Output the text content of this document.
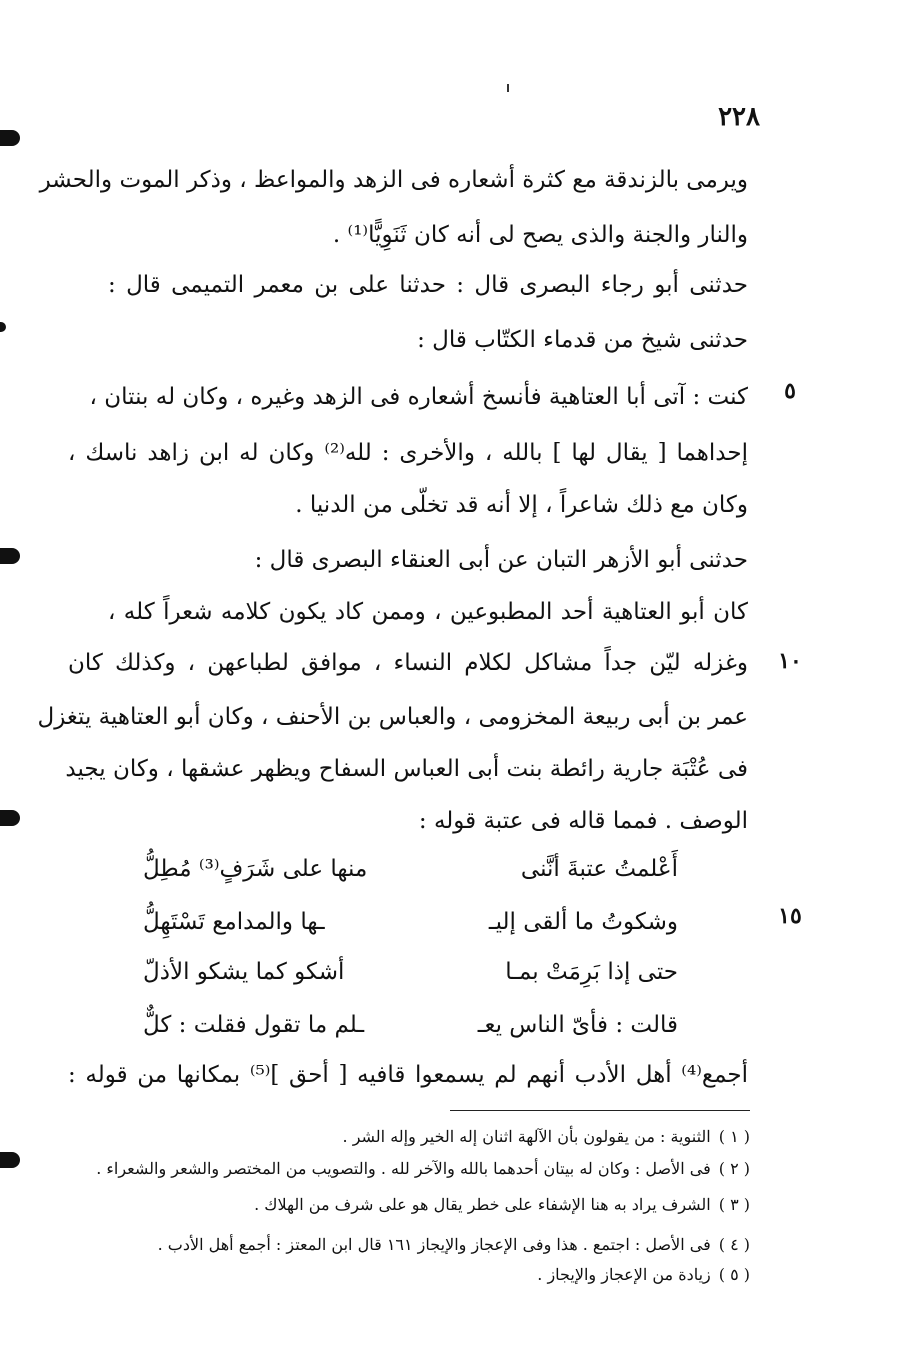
٢٢٨
ويرمى بالزندقة مع كثرة أشعاره فى الزهد والمواعظ ، وذكر الموت والحشر
والنار والجنة والذى يصح لى أنه كان ثَنَوِيًّا⁽¹⁾ .
حدثنى أبو رجاء البصرى قال : حدثنا على بن معمر التميمى قال :
حدثنى شيخ من قدماء الكتّاب قال :
٥
كنت : آتى أبا العتاهية فأنسخ أشعاره فى الزهد وغيره ، وكان له بنتان ،
إحداهما [ يقال لها ] بالله ، والأخرى : لله⁽²⁾ وكان له ابن زاهد ناسك ،
وكان مع ذلك شاعراً ، إلا أنه قد تخلّى من الدنيا .
حدثنى أبو الأزهر التبان عن أبى العنقاء البصرى قال :
كان أبو العتاهية أحد المطبوعين ، وممن كاد يكون كلامه شعراً كله ،
١٠
وغزله ليّن جداً مشاكل لكلام النساء ، موافق لطباعهن ، وكذلك كان
عمر بن أبى ربيعة المخزومى ، والعباس بن الأحنف ، وكان أبو العتاهية يتغزل
فى عُتْبَة جارية رائطة بنت أبى العباس السفاح ويظهر عشقها ، وكان يجيد
الوصف . فمما قاله فى عتبة قوله :
أَعْلمتُ عتبةَ أنَّنى
منها على شَرَفٍ⁽³⁾ مُطِلُّ
١٥
وشكوتُ ما ألقى إليـ
ـها والمدامع تَسْتَهِلُّ
حتى إذا بَرِمَتْ بمـا
أشكو كما يشكو الأذلّ
قالت : فأىّ الناس يعـ
ـلم ما تقول فقلت : كلٌّ
أجمع⁽⁴⁾ أهل الأدب أنهم لم يسمعوا قافيه [ أحق ]⁽⁵⁾ بمكانها من قوله :
( ١ )الثنوية : من يقولون بأن الآلهة اثنان إله الخير وإله الشر .
( ٢ )فى الأصل : وكان له بيتان أحدهما بالله والآخر لله . والتصويب من المختصر والشعر والشعراء .
( ٣ )الشرف يراد به هنا الإشفاء على خطر يقال هو على شرف من الهلاك .
( ٤ )فى الأصل : اجتمع . هذا وفى الإعجاز والإيجاز ١٦١ قال ابن المعتز : أجمع أهل الأدب .
( ٥ )زيادة من الإعجاز والإيجاز .
